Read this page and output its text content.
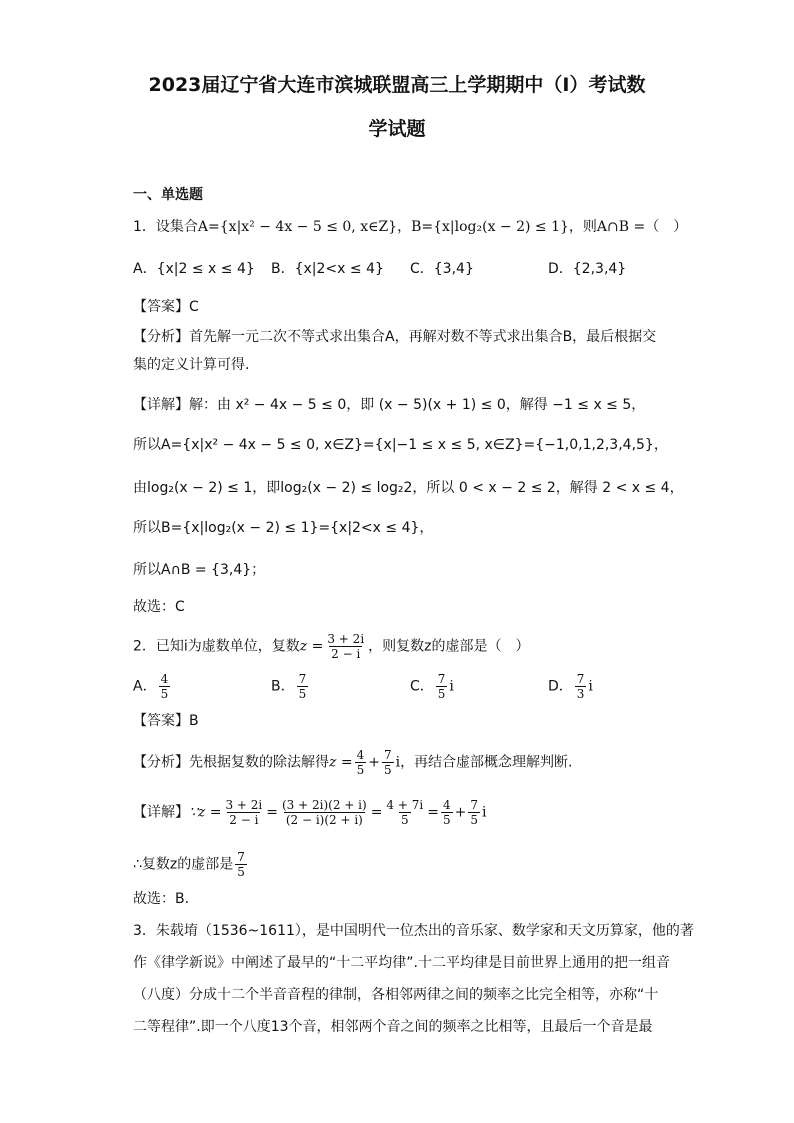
2023届辽宁省大连市滨城联盟高三上学期期中（Ⅰ）考试数
学试题
一、单选题
1．设集合A={x|x² − 4x − 5 ≤ 0, x∈Z}，B={x|log₂(x − 2) ≤ 1}，则A∩B =（　）
A．{x|2 ≤ x ≤ 4} B．{x|2<x ≤ 4} C．{3,4}	D．{2,3,4}
【答案】C
【分析】首先解一元二次不等式求出集合A，再解对数不等式求出集合B，最后根据交
集的定义计算可得.
【详解】解：由 x² − 4x − 5 ≤ 0，即 (x − 5)(x + 1) ≤ 0，解得 −1 ≤ x ≤ 5，
所以A={x|x² − 4x − 5 ≤ 0, x∈Z}={x|−1 ≤ x ≤ 5, x∈Z}={−1,0,1,2,3,4,5}，
由log₂(x − 2) ≤ 1，即log₂(x − 2) ≤ log₂2，所以 0 < x − 2 ≤ 2，解得 2 < x ≤ 4，
所以B={x|log₂(x − 2) ≤ 1}={x|2<x ≤ 4}，
所以A∩B = {3,4}；
故选：C
2．已知i为虚数单位，复数$z = \frac{3 + 2i}{2 - i}$ ，则复数z的虚部是（　）
A． $\frac{4}{5}$	B． $\frac{7}{5}$	C． $\frac{7}{5}$ i	D． $\frac{7}{3}$ i
【答案】B
【分析】先根据复数的除法解得$z = \frac{4}{5} + \frac{7}{5}$ i，再结合虚部概念理解判断.
【详解】∵z = $\frac{3 + 2i}{2 - i} = \frac{(3 + 2i)(2 + i)}{(2 - i)(2 + i)} = \frac{4 + 7i}{5} = \frac{4}{5} + \frac{7}{5}$ i
∴复数z的虚部是 $\frac{7}{5}$
故选：B.
3．朱载堉（1536~1611），是中国明代一位杰出的音乐家、数学家和天文历算家，他的著
作《律学新说》中阐述了最早的“十二平均律”.十二平均律是目前世界上通用的把一组音
（八度）分成十二个半音音程的律制，各相邻两律之间的频率之比完全相等，亦称“十
二等程律”.即一个八度13个音，相邻两个音之间的频率之比相等，且最后一个音是最
